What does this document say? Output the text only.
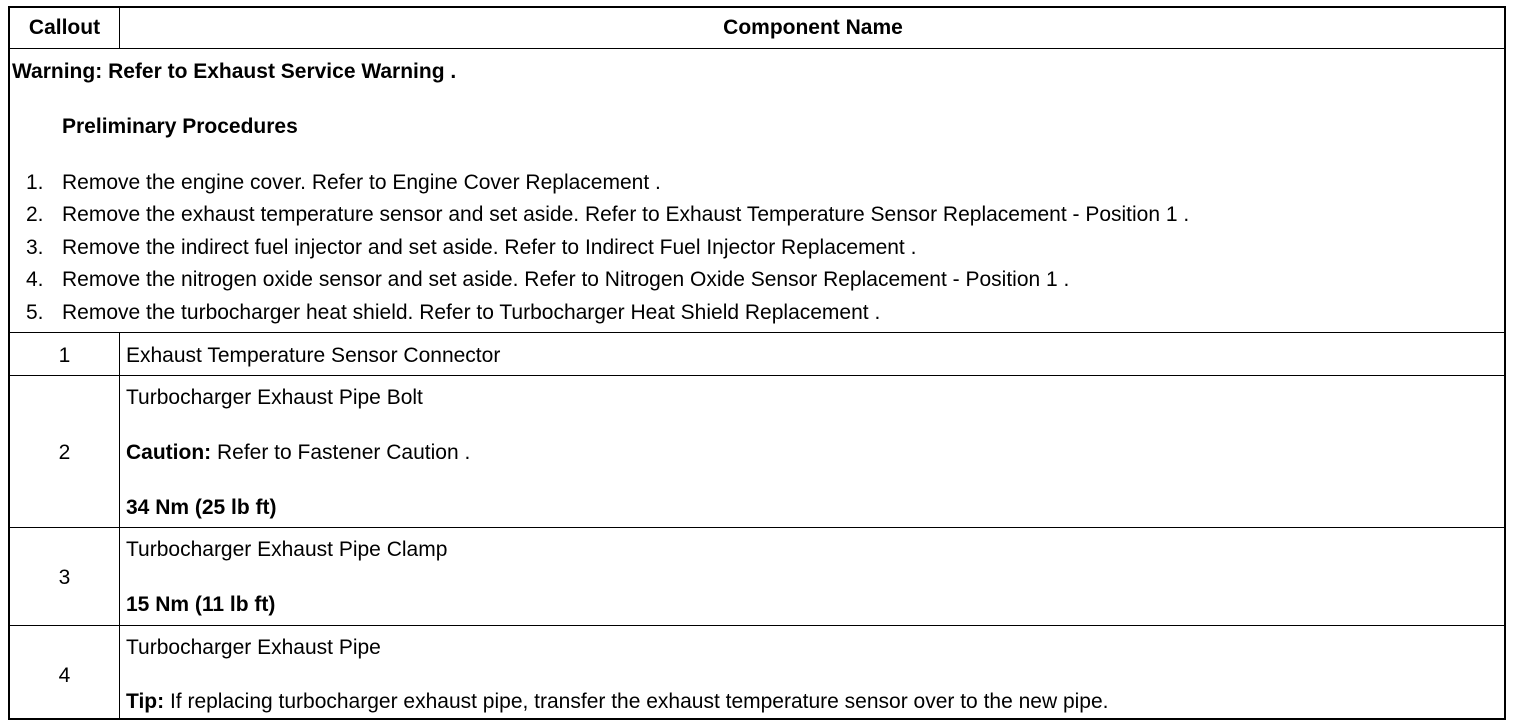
Callout	Component Name
Warning: Refer to Exhaust Service Warning .
Preliminary Procedures
1. Remove the engine cover. Refer to Engine Cover Replacement .
2. Remove the exhaust temperature sensor and set aside. Refer to Exhaust Temperature Sensor Replacement - Position 1 .
3. Remove the indirect fuel injector and set aside. Refer to Indirect Fuel Injector Replacement .
4. Remove the nitrogen oxide sensor and set aside. Refer to Nitrogen Oxide Sensor Replacement - Position 1 .
5. Remove the turbocharger heat shield. Refer to Turbocharger Heat Shield Replacement .
1	Exhaust Temperature Sensor Connector
2
Turbocharger Exhaust Pipe Bolt
Caution: Refer to Fastener Caution .
34 Nm (25 lb ft)
3
Turbocharger Exhaust Pipe Clamp
15 Nm (11 lb ft)
4
Turbocharger Exhaust Pipe
Tip: If replacing turbocharger exhaust pipe, transfer the exhaust temperature sensor over to the new pipe.
